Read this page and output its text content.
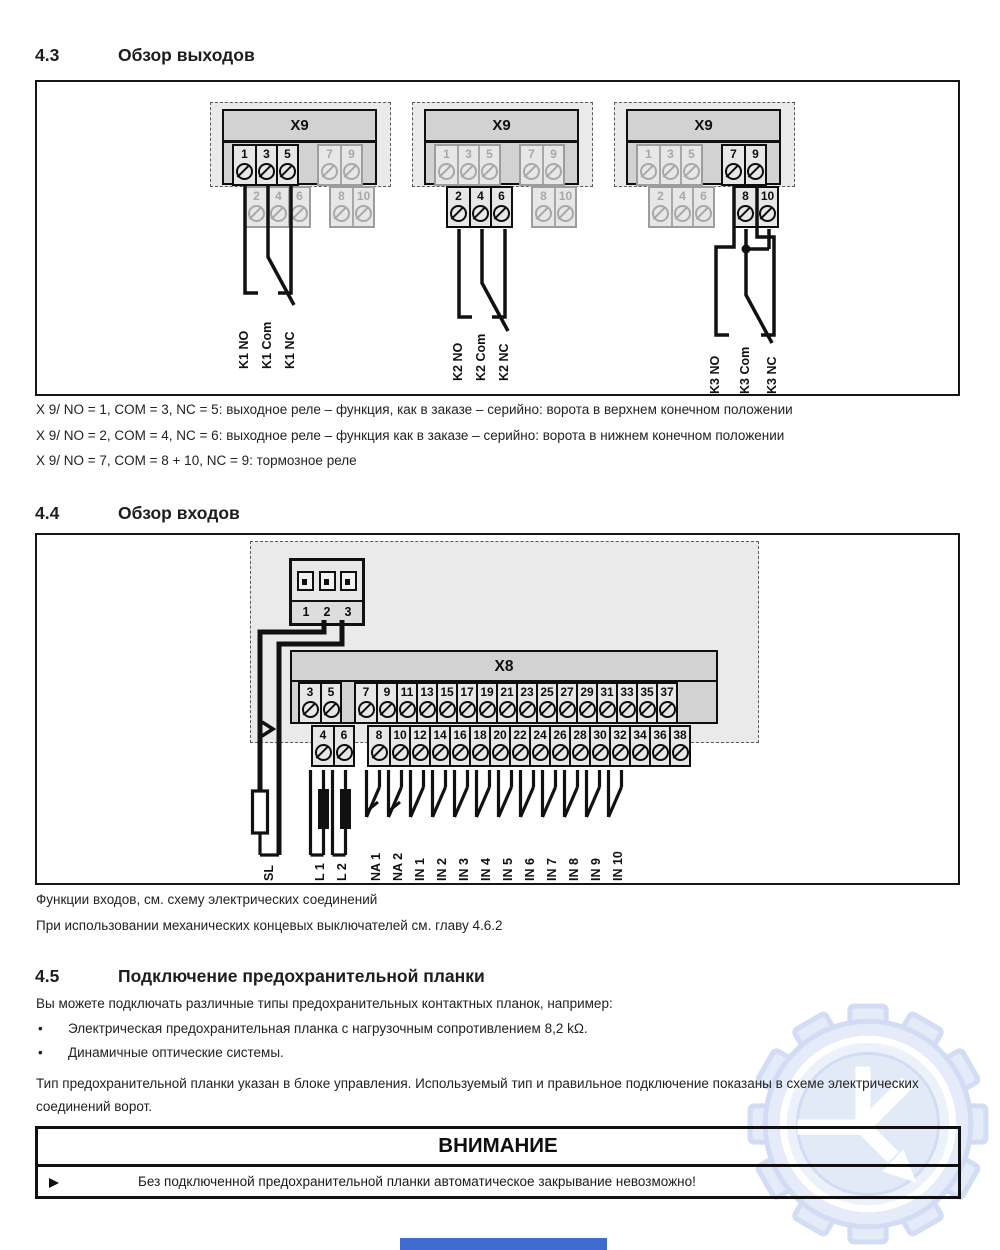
4.3	Обзор выходов
X9
1 3 5	7 9
2 4 6	8 10
K1 NO K1 Com K1 NC
X9
1 3 5	7 9
2 4 6	8 10
K2 NO K2 Com K2 NC
X9
1 3 5	7 9
2 4 6	8 10
K3 NO K3 Com K3 NC
X 9/ NO = 1, COM = 3, NC = 5: выходное реле – функция, как в заказе – серийно: ворота в верхнем конечном положении
X 9/ NO = 2, COM = 4, NC = 6: выходное реле – функция как в заказе – серийно: ворота в нижнем конечном положении
X 9/ NO = 7, COM = 8 + 10, NC = 9: тормозное реле
4.4	Обзор входов
1 2 3
X8
3 5 7 9 11 13 15 17 19 21 23 25 27 29 31 33 35 37
4 6 8 10 12 14 16 18 20 22 24 26 28 30 32 34 36 38
SL	L 1 L 2 NA 1 NA 2 IN 1 IN 2 IN 3 IN 4 IN 5 IN 6 IN 7 IN 8 IN 9 IN 10
Функции входов, см. схему электрических соединений
При использовании механических концевых выключателей см. главу 4.6.2
4.5	Подключение предохранительной планки
Вы можете подключать различные типы предохранительных контактных планок, например:
• Электрическая предохранительная планка с нагрузочным сопротивлением 8,2 kΩ.
• Динамичные оптические системы.
Тип предохранительной планки указан в блоке управления. Используемый тип и правильное подключение показаны в схеме электрических соединений ворот.
ВНИМАНИЕ
Без подключенной предохранительной планки автоматическое закрывание невозможно!
